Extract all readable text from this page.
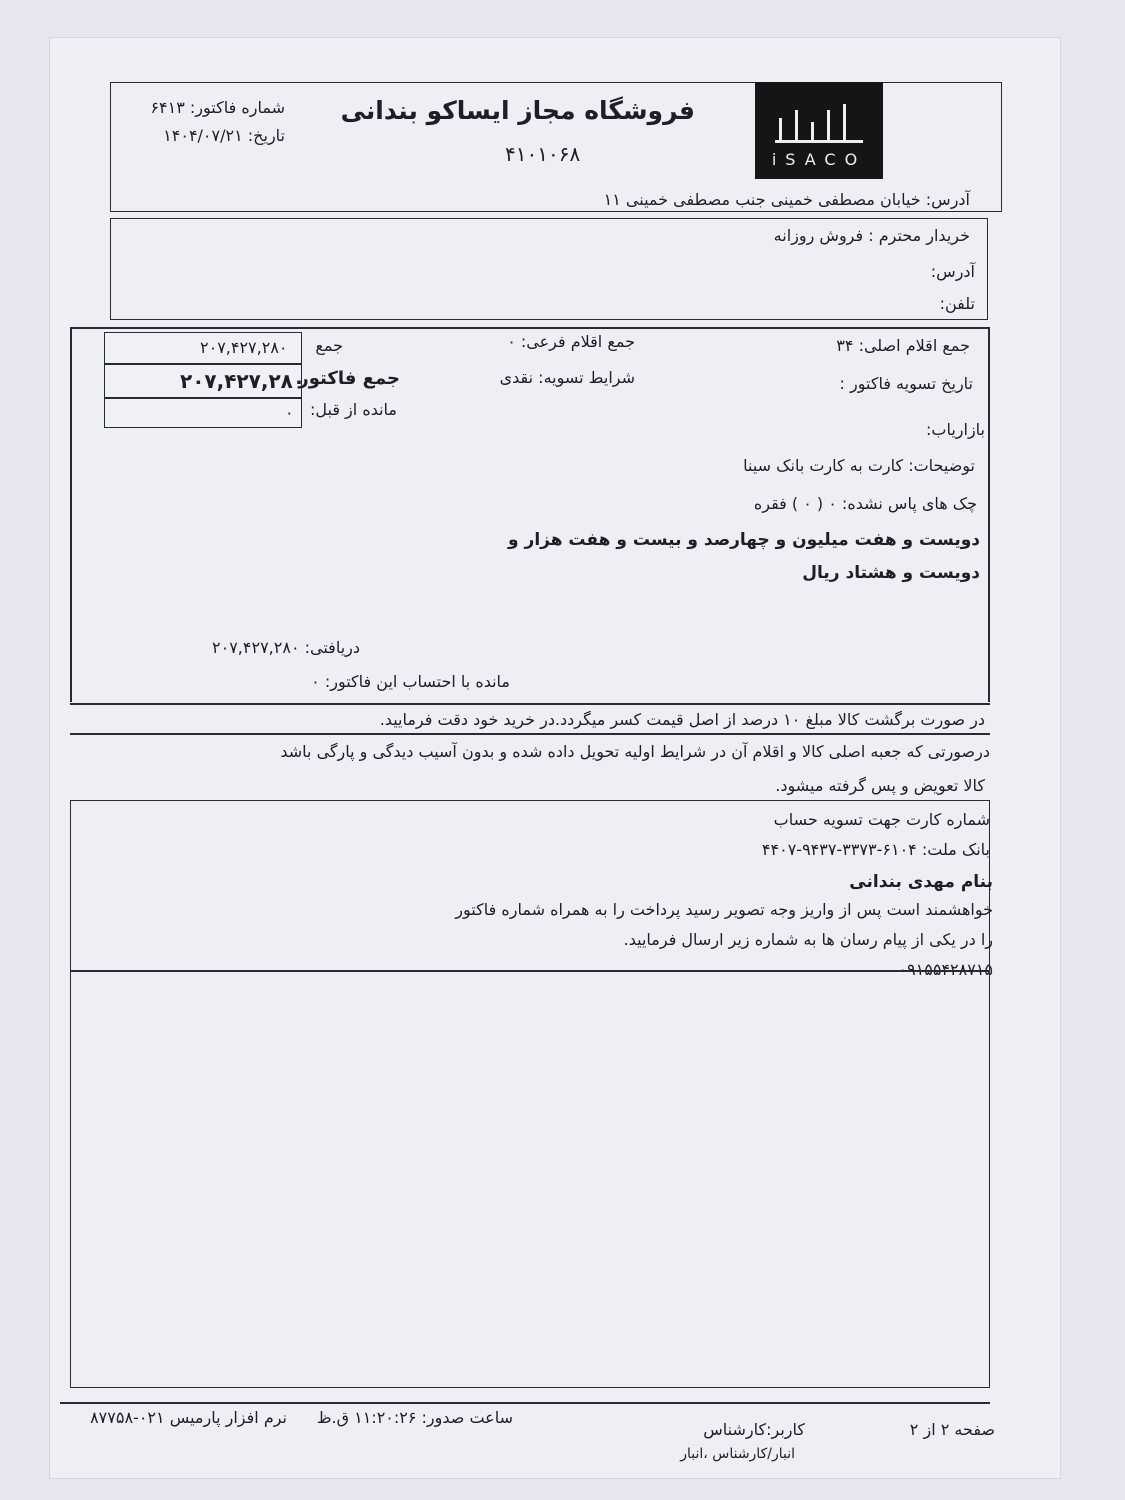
iSACO
فروشگاه مجاز ایساکو بندانی
۴۱۰۱۰۶۸
شماره فاکتور: ۶۴۱۳
تاریخ: ۱۴۰۴/۰۷/۲۱
آدرس: خیابان مصطفی خمینی جنب مصطفی خمینی ۱۱
خریدار محترم : فروش روزانه
آدرس:
تلفن:
جمع اقلام اصلی: ۳۴
جمع اقلام فرعی: ۰
تاریخ تسویه فاکتور :
شرایط تسویه: نقدی
۲۰۷,۴۲۷,۲۸۰
۲۰۷,۴۲۷,۲۸۰
۰
جمع
جمع فاکتور
مانده از قبل:
بازاریاب:
توضیحات: کارت به کارت بانک سینا
چک های پاس نشده: ۰ ( ۰ ) فقره
دویست و هفت میلیون و چهارصد و بیست و هفت هزار و
دویست و هشتاد ریال
دریافتی: ۲۰۷,۴۲۷,۲۸۰
مانده با احتساب این فاکتور: ۰
در صورت برگشت کالا مبلغ ۱۰ درصد از اصل قیمت کسر میگردد.در خرید خود دقت فرمایید.
درصورتی که جعبه اصلی کالا و اقلام آن در شرایط اولیه تحویل داده شده و بدون آسیب دیدگی و پارگی باشد
کالا تعویض و پس گرفته میشود.
شماره کارت جهت تسویه حساب
بانک ملت: ۶۱۰۴-۳۳۷۳-۹۴۳۷-۴۴۰۷
بنام مهدی بندانی
خواهشمند است پس از واریز وجه تصویر رسید پرداخت را به همراه شماره فاکتور
را در یکی از پیام رسان ها به شماره زیر ارسال فرمایید.
۰۹۱۵۵۴۲۸۷۱۵
ساعت صدور: ۱۱:۲۰:۲۶ ق.ظ
نرم افزار پارمیس ۰۲۱-۸۷۷۵۸
صفحه ۲ از ۲
کاربر:کارشناس
انبار/کارشناس ،انبار
